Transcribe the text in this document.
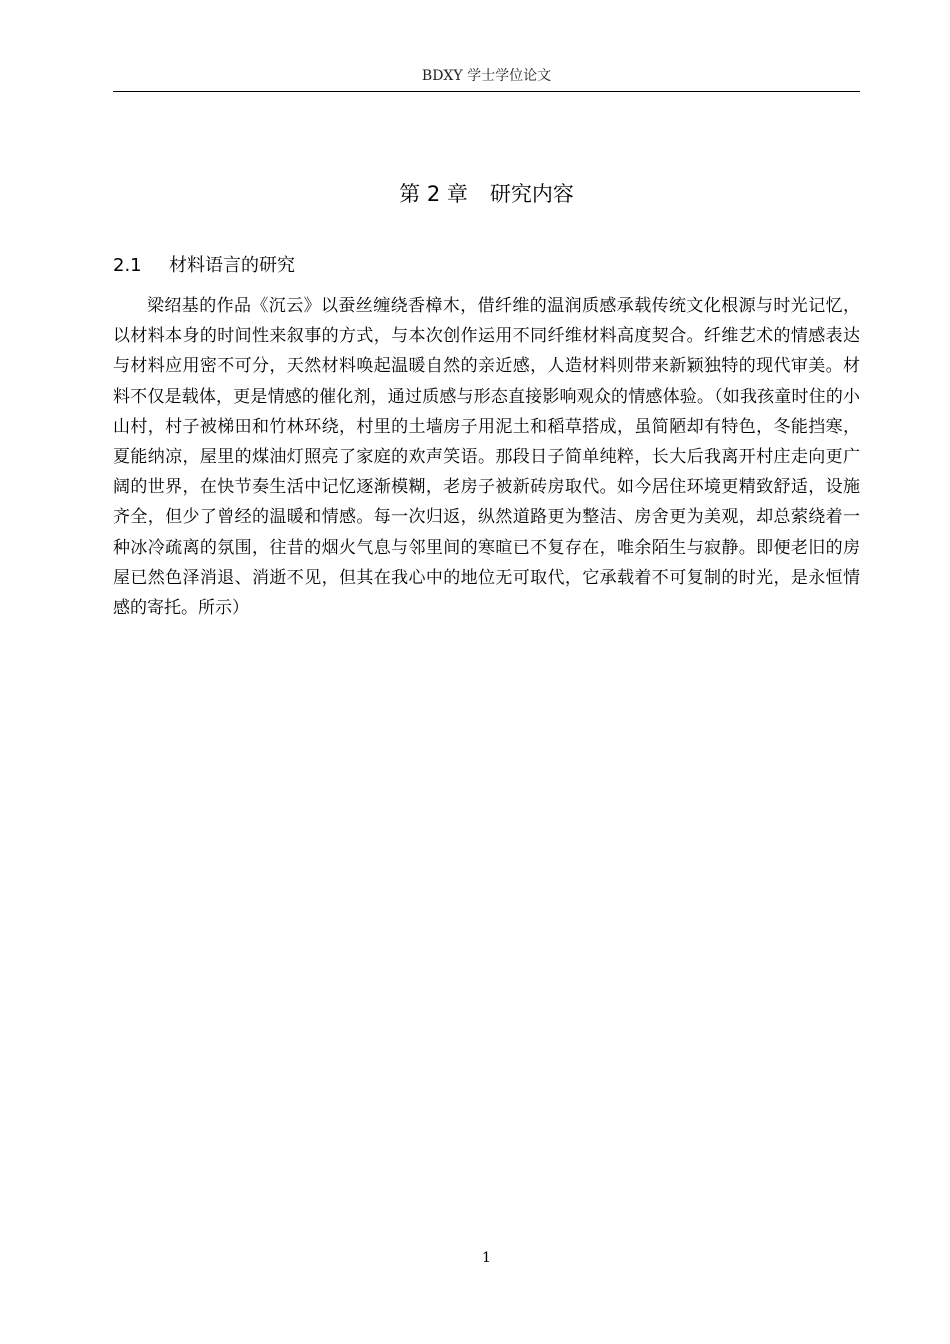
BDXY 学士学位论文
第 2 章 研究内容
2.1 材料语言的研究

梁绍基的作品《沉云》以蚕丝缠绕香樟木，借纤维的温润质感承载传统文化根源与时光记忆，以材料本身的时间性来叙事的方式，与本次创作运用不同纤维材料高度契合。纤维艺术的情感表达与材料应用密不可分，天然材料唤起温暖自然的亲近感，人造材料则带来新颖独特的现代审美。材料不仅是载体，更是情感的催化剂，通过质感与形态直接影响观众的情感体验。（如我孩童时住的小山村，村子被梯田和竹林环绕，村里的土墙房子用泥土和稻草搭成，虽简陋却有特色，冬能挡寒，夏能纳凉，屋里的煤油灯照亮了家庭的欢声笑语。那段日子简单纯粹，长大后我离开村庄走向更广阔的世界，在快节奏生活中记忆逐渐模糊，老房子被新砖房取代。如今居住环境更精致舒适，设施齐全，但少了曾经的温暖和情感。每一次归返，纵然道路更为整洁、房舍更为美观，却总萦绕着一种冰冷疏离的氛围，往昔的烟火气息与邻里间的寒暄已不复存在，唯余陌生与寂静。即便老旧的房屋已然色泽消退、消逝不见，但其在我心中的地位无可取代，它承载着不可复制的时光，是永恒情感的寄托。所示）

1
